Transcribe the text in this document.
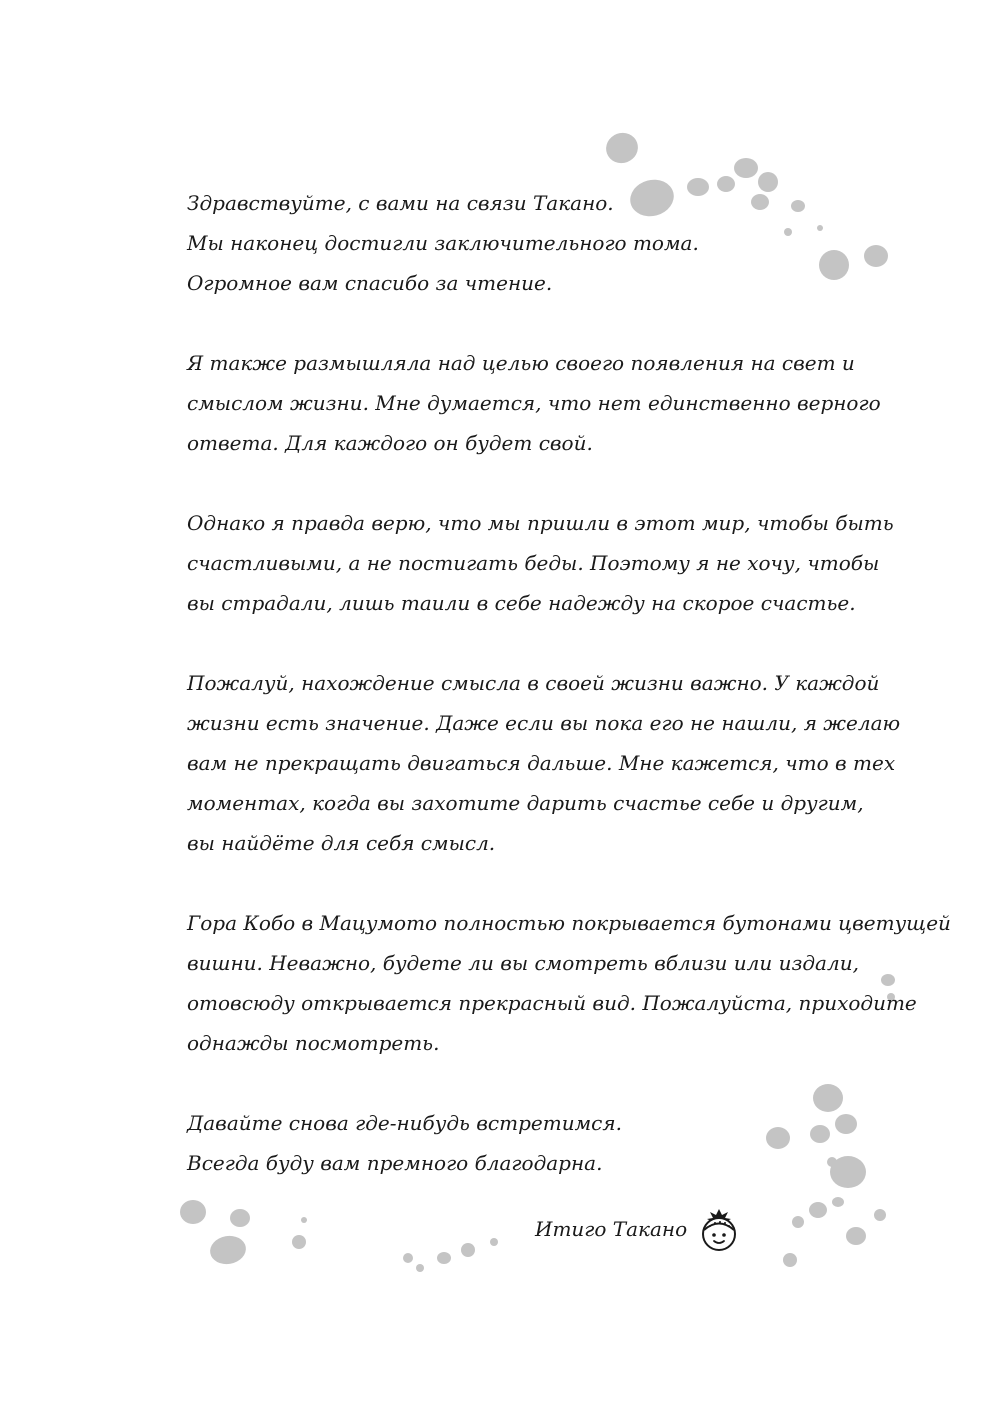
Здравствуйте, с вами на связи Такано.
Мы наконец достигли заключительного тома.
Огромное вам спасибо за чтение.
Я также размышляла над целью своего появления на свет и
смыслом жизни. Мне думается, что нет единственно верного
ответа. Для каждого он будет свой.
Однако я правда верю, что мы пришли в этот мир, чтобы быть
счастливыми, а не постигать беды. Поэтому я не хочу, чтобы
вы страдали, лишь таили в себе надежду на скорое счастье.
Пожалуй, нахождение смысла в своей жизни важно. У каждой
жизни есть значение. Даже если вы пока его не нашли, я желаю
вам не прекращать двигаться дальше. Мне кажется, что в тех
моментах, когда вы захотите дарить счастье себе и другим,
вы найдёте для себя смысл.
Гора Кобо в Мацумото полностью покрывается бутонами цветущей
вишни. Неважно, будете ли вы смотреть вблизи или издали,
отовсюду открывается прекрасный вид. Пожалуйста, приходите
однажды посмотреть.
Давайте снова где-нибудь встретимся.
Всегда буду вам премного благодарна.
Итиго Такано
